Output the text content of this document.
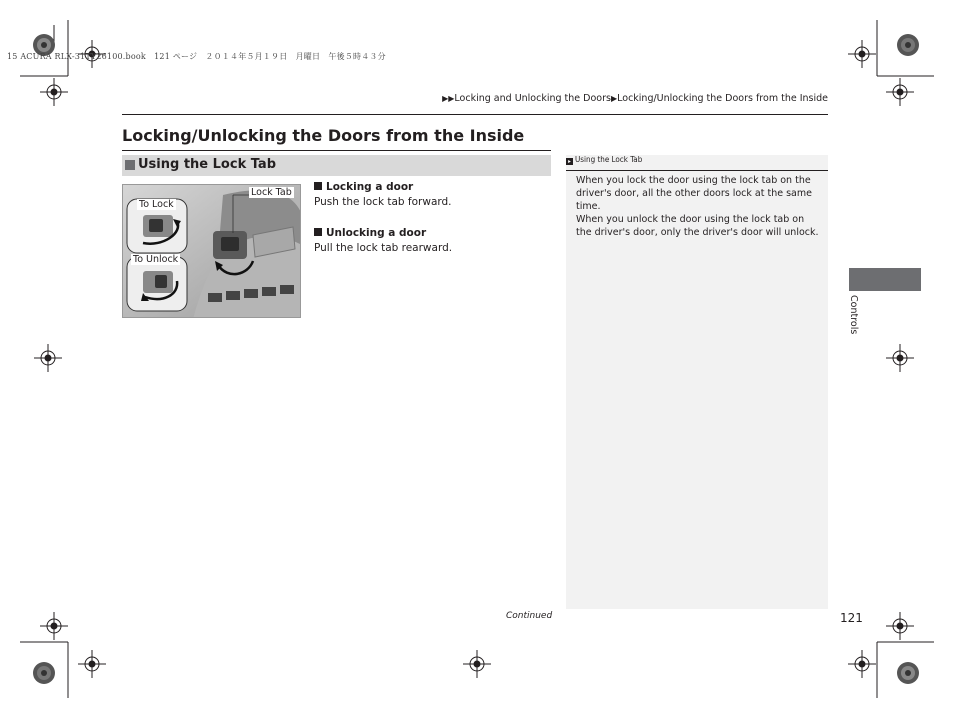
15 ACURA RLX-31TY26100.book　121 ページ　２０１４年５月１９日　月曜日　午後５時４３分
▶▶Locking and Unlocking the Doors▶Locking/Unlocking the Doors from the Inside
Locking/Unlocking the Doors from the Inside
Using the Lock Tab
Lock Tab
To Lock
To Unlock
Locking a door
Push the lock tab forward.
Unlocking a door
Pull the lock tab rearward.
▸ Using the Lock Tab

When you lock the door using the lock tab on the driver's door, all the other doors lock at the same time.

When you unlock the door using the lock tab on the driver's door, only the driver's door will unlock.

Controls
Continued	121
